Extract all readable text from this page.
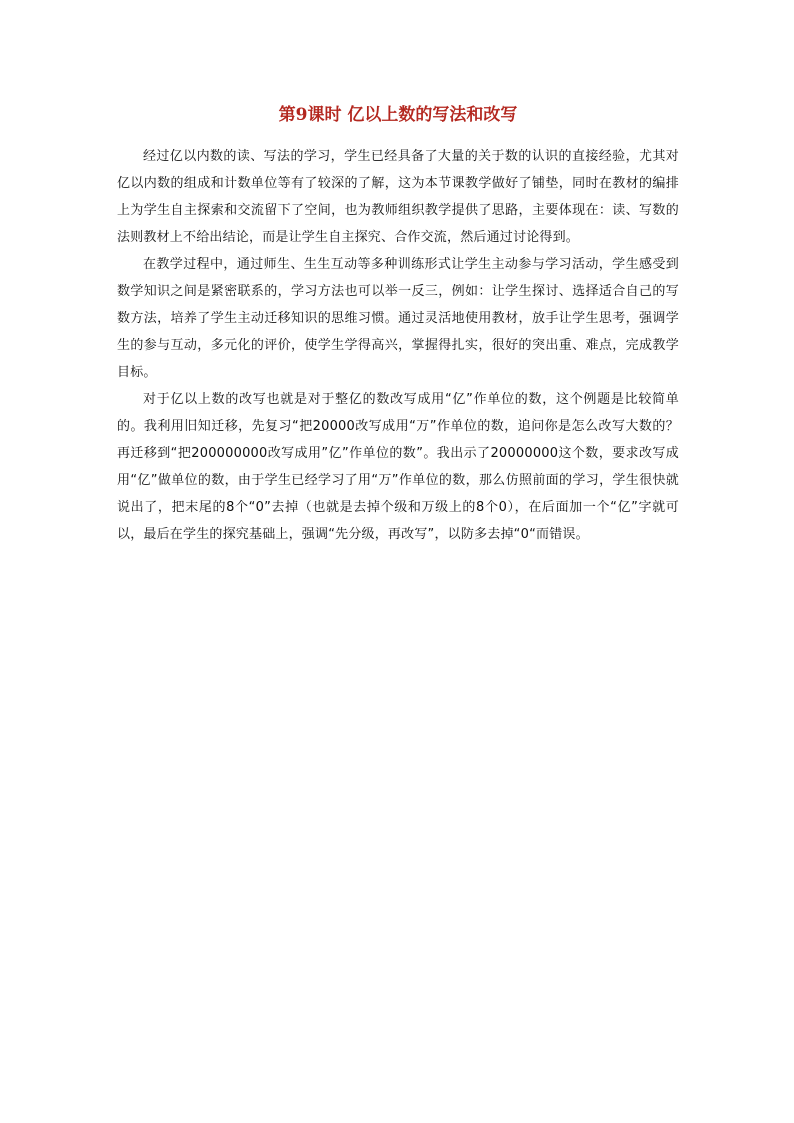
第9课时 亿以上数的写法和改写

经过亿以内数的读、写法的学习，学生已经具备了大量的关于数的认识的直接经验，尤其对亿以内数的组成和计数单位等有了较深的了解，这为本节课教学做好了铺垫，同时在教材的编排上为学生自主探索和交流留下了空间，也为教师组织教学提供了思路，主要体现在：读、写数的法则教材上不给出结论，而是让学生自主探究、合作交流，然后通过讨论得到。

在教学过程中，通过师生、生生互动等多种训练形式让学生主动参与学习活动，学生感受到数学知识之间是紧密联系的，学习方法也可以举一反三，例如：让学生探讨、选择适合自己的写数方法，培养了学生主动迁移知识的思维习惯。通过灵活地使用教材，放手让学生思考，强调学生的参与互动，多元化的评价，使学生学得高兴，掌握得扎实，很好的突出重、难点，完成教学目标。

对于亿以上数的改写也就是对于整亿的数改写成用“亿”作单位的数，这个例题是比较简单的。我利用旧知迁移，先复习“把20000改写成用“万”作单位的数，追问你是怎么改写大数的？再迁移到“把200000000改写成用”亿”作单位的数”。我出示了20000000这个数，要求改写成用“亿”做单位的数，由于学生已经学习了用“万”作单位的数，那么仿照前面的学习，学生很快就说出了，把末尾的8个“0”去掉（也就是去掉个级和万级上的8个0），在后面加一个“亿”字就可以，最后在学生的探究基础上，强调“先分级，再改写”，以防多去掉“0“而错误。
